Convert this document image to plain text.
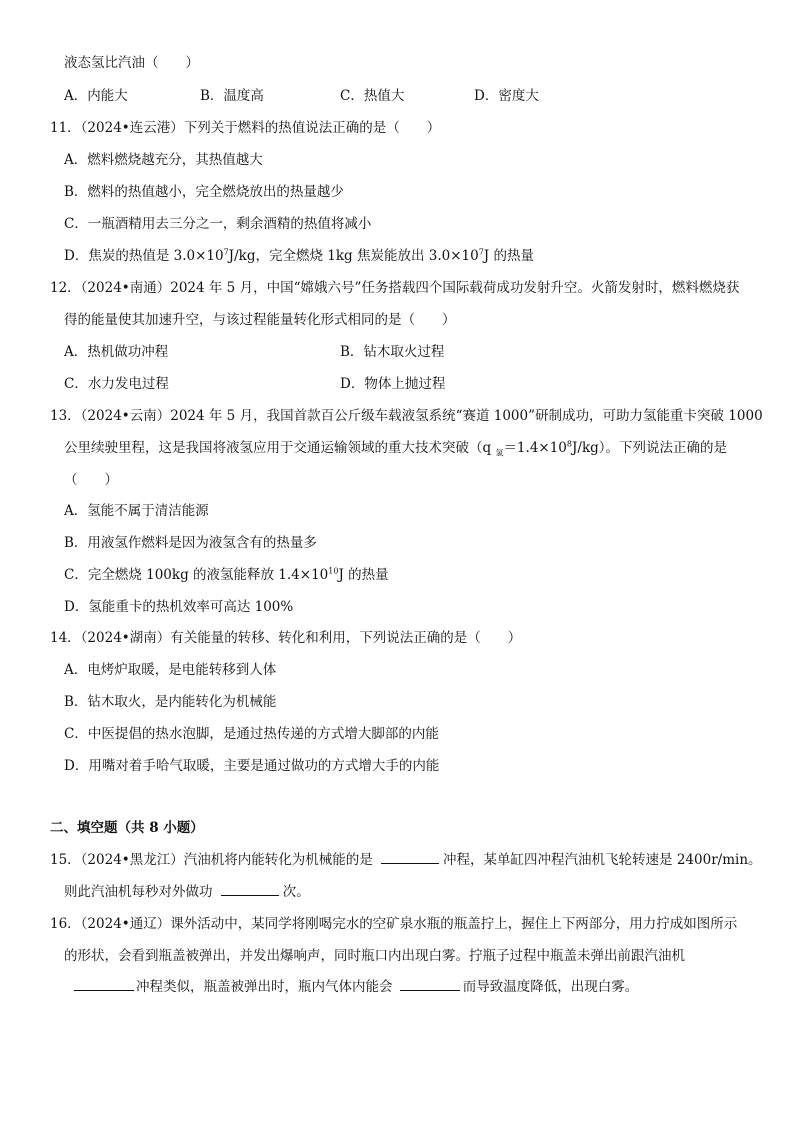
液态氢比汽油（　　）
A．内能大	B．温度高	C．热值大	D．密度大
11．（2024•连云港）下列关于燃料的热值说法正确的是（　　）
A．燃料燃烧越充分，其热值越大
B．燃料的热值越小，完全燃烧放出的热量越少
C．一瓶酒精用去三分之一，剩余酒精的热值将减小
D．焦炭的热值是 $3.0\times 10^7J/kg$，完全燃烧 1kg 焦炭能放出 $3.0\times 10^7J$ 的热量
12．（2024•南通）2024 年 5 月，中国“嫦娥六号”任务搭载四个国际载荷成功发射升空。火箭发射时，燃料燃烧获
得的能量使其加速升空，与该过程能量转化形式相同的是（　　）
A．热机做功冲程	B．钻木取火过程
C．水力发电过程	D．物体上抛过程
13．（2024•云南）2024 年 5 月，我国首款百公斤级车载液氢系统“赛道 1000”研制成功，可助力氢能重卡突破 1000
公里续驶里程，这是我国将液氢应用于交通运输领域的重大技术突破（q $_氢=1.4\times 10^8J/kg$）。下列说法正确的是
（　　）
A．氢能不属于清洁能源
B．用液氢作燃料是因为液氢含有的热量多
C．完全燃烧 100kg 的液氢能释放 $1.4\times 10^{10}J$ 的热量
D．氢能重卡的热机效率可高达 100%
14．（2024•湖南）有关能量的转移、转化和利用，下列说法正确的是（　　）
A．电烤炉取暖，是电能转移到人体
B．钻木取火，是内能转化为机械能
C．中医提倡的热水泡脚，是通过热传递的方式增大脚部的内能
D．用嘴对着手哈气取暖，主要是通过做功的方式增大手的内能
二、填空题（共 8 小题）
15．（2024•黑龙江）汽油机将内能转化为机械能的是	冲程，某单缸四冲程汽油机飞轮转速是 2400r/min。
则此汽油机每秒对外做功	次。
16．（2024•通辽）课外活动中，某同学将刚喝完水的空矿泉水瓶的瓶盖拧上，握住上下两部分，用力拧成如图所示
的形状，会看到瓶盖被弹出，并发出爆响声，同时瓶口内出现白雾。拧瓶子过程中瓶盖未弹出前跟汽油机
冲程类似，瓶盖被弹出时，瓶内气体内能会	而导致温度降低，出现白雾。
